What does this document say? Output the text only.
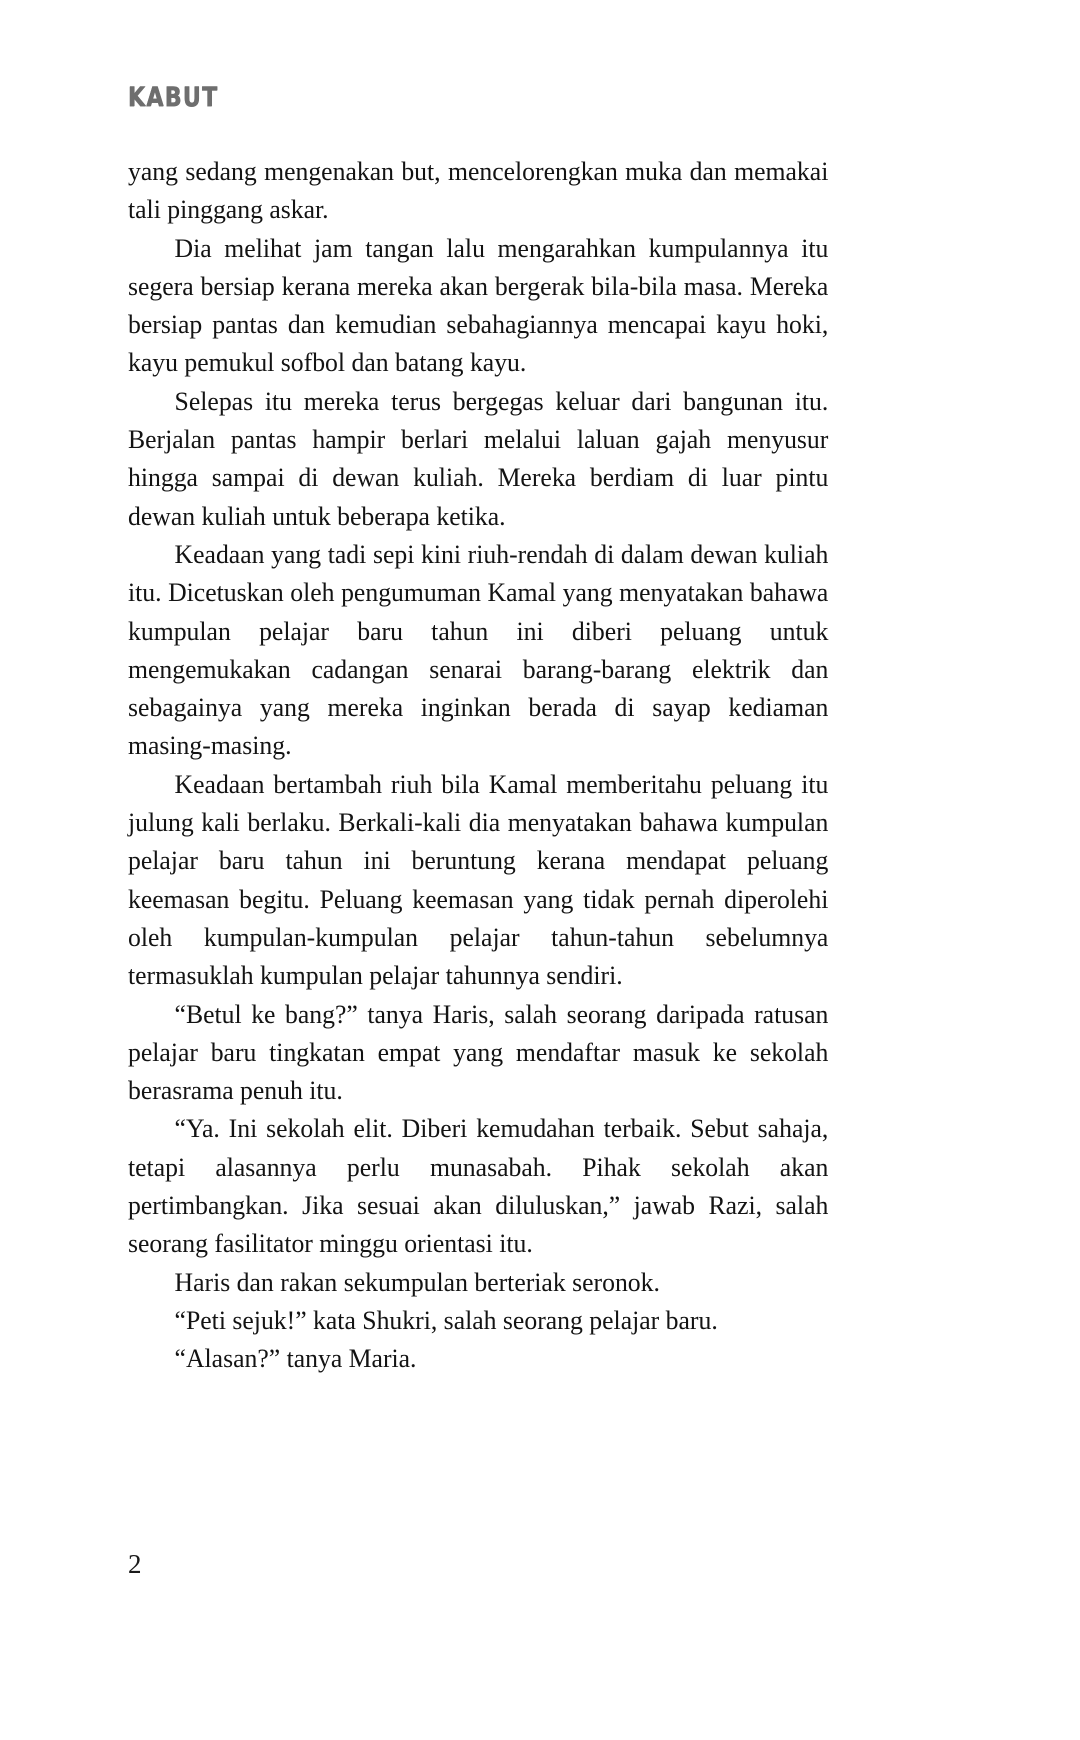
KABUT

yang sedang mengenakan but, mencelorengkan muka dan memakai tali pinggang askar.

Dia melihat jam tangan lalu mengarahkan kumpulannya itu segera bersiap kerana mereka akan bergerak bila-bila masa. Mereka bersiap pantas dan kemudian sebahagiannya mencapai kayu hoki, kayu pemukul sofbol dan batang kayu.

Selepas itu mereka terus bergegas keluar dari bangunan itu. Berjalan pantas hampir berlari melalui laluan gajah menyusur hingga sampai di dewan kuliah. Mereka berdiam di luar pintu dewan kuliah untuk beberapa ketika.

Keadaan yang tadi sepi kini riuh-rendah di dalam dewan kuliah itu. Dicetuskan oleh pengumuman Kamal yang menyatakan bahawa kumpulan pelajar baru tahun ini diberi peluang untuk mengemukakan cadangan senarai barang-barang elektrik dan sebagainya yang mereka inginkan berada di sayap kediaman masing-masing.

Keadaan bertambah riuh bila Kamal memberitahu peluang itu julung kali berlaku. Berkali-kali dia menyatakan bahawa kumpulan pelajar baru tahun ini beruntung kerana mendapat peluang keemasan begitu. Peluang keemasan yang tidak pernah diperolehi oleh kumpulan-kumpulan pelajar tahun-tahun sebelumnya termasuklah kumpulan pelajar tahunnya sendiri.

“Betul ke bang?” tanya Haris, salah seorang daripada ratusan pelajar baru tingkatan empat yang mendaftar masuk ke sekolah berasrama penuh itu.

“Ya. Ini sekolah elit. Diberi kemudahan terbaik. Sebut sahaja, tetapi alasannya perlu munasabah. Pihak sekolah akan pertimbangkan. Jika sesuai akan diluluskan,” jawab Razi, salah seorang fasilitator minggu orientasi itu.

Haris dan rakan sekumpulan berteriak seronok.

“Peti sejuk!” kata Shukri, salah seorang pelajar baru.

“Alasan?” tanya Maria.

2
